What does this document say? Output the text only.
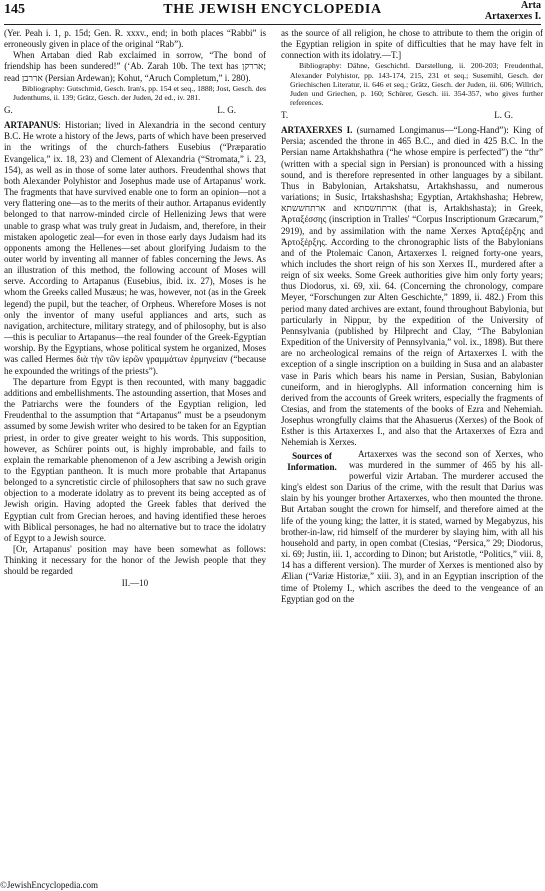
145	THE JEWISH ENCYCLOPEDIA	Arta
Artaxerxes I.

(Yer. Peah i. 1, p. 15d; Gen. R. xxxv., end; in both places “Rabbi” is erroneously given in place of the original “Rab”).

When Artaban died Rab exclaimed in sorrow, “The bond of friendship has been sundered!” (‘Ab. Zarah 10b. The text has אררקן; read אררבן (Persian Ardewan); Kohut, “Aruch Completum,” i. 280).

Bibliography: Gutschmid, Gesch. Iran's, pp. 154 et seq., 1888; Jost, Gesch. des Judenthums, ii. 139; Grätz, Gesch. der Juden, 2d ed., iv. 281.

G.	L. G.

ARTAPANUS: Historian; lived in Alexandria in the second century B.C. He wrote a history of the Jews, parts of which have been preserved in the writings of the church-fathers Eusebius (“Præparatio Evangelica,” ix. 18, 23) and Clement of Alexandria (“Stromata,” i. 23, 154), as well as in those of some later authors. Freudenthal shows that both Alexander Polyhistor and Josephus made use of Artapanus' work. The fragments that have survived enable one to form an opinion—not a very flattering one—as to the merits of their author. Artapanus evidently belonged to that narrow-minded circle of Hellenizing Jews that were unable to grasp what was truly great in Judaism, and, therefore, in their mistaken apologetic zeal—for even in those early days Judaism had its opponents among the Hellenes—set about glorifying Judaism to the outer world by inventing all manner of fables concerning the Jews. As an illustration of this method, the following account of Moses will serve. According to Artapanus (Eusebius, ibid. ix. 27), Moses is he whom the Greeks called Musæus; he was, however, not (as in the Greek legend) the pupil, but the teacher, of Orpheus. Wherefore Moses is not only the inventor of many useful appliances and arts, such as navigation, architecture, military strategy, and of philosophy, but is also—this is peculiar to Artapanus—the real founder of the Greek-Egyptian worship. By the Egyptians, whose political system he organized, Moses was called Hermes διὰ τὴν τῶν ἱερῶν γραμμάτων ἑρμηνείαν (“because he expounded the writings of the priests”).

The departure from Egypt is then recounted, with many baggadic additions and embellishments. The astounding assertion, that Moses and the Patriarchs were the founders of the Egyptian religion, led Freudenthal to the assumption that “Artapanus” must be a pseudonym assumed by some Jewish writer who desired to be taken for an Egyptian priest, in order to give greater weight to his words. This supposition, however, as Schürer points out, is highly improbable, and fails to explain the remarkable phenomenon of a Jew ascribing a Jewish origin to the Egyptian pantheon. It is much more probable that Artapanus belonged to a syncretistic circle of philosophers that saw no such grave objection to a moderate idolatry as to prevent its being accepted as of Jewish origin. Having adopted the Greek fables that derived the Egyptian cult from Grecian heroes, and having identified these heroes with Biblical personages, he had no alternative but to trace the idolatry of Egypt to a Jewish source.

[Or, Artapanus' position may have been somewhat as follows: Thinking it necessary for the honor of the Jewish people that they should be regarded

II.—10

as the source of all religion, he chose to attribute to them the origin of the Egyptian religion in spite of difficulties that he may have felt in connection with its idolatry.—T.]

Bibliography: Dähne, Geschichtl. Darstellung, ii. 200-203; Freudenthal, Alexander Polyhistor, pp. 143-174, 215, 231 et seq.; Susemihl, Gesch. der Griechischen Literatur, ii. 646 et seq.; Grätz, Gesch. der Juden, iii. 606; Willrich, Juden und Griechen, p. 160; Schürer, Gesch. iii. 354-357, who gives further references.

T.	L. G.

ARTAXERXES I. (surnamed Longimanus—“Long-Hand”): King of Persia; ascended the throne in 465 B.C., and died in 425 B.C. In the Persian name Artakhshathra (“he whose empire is perfected”) the “thr” (written with a special sign in Persian) is pronounced with a hissing sound, and is therefore represented in other languages by a sibilant. Thus in Babylonian, Artakshatsu, Artakhshassu, and numerous variations; in Susic, Irtakshashsha; Egyptian, Artakhshasha; Hebrew, ארתחששתא and ארתחשסתא (that is, Artakhshasta); in Greek, Ἀρταξέσσης (inscription in Tralles' “Corpus Inscriptionum Græcarum,” 2919), and by assimilation with the name Xerxes Ἀρταξέρξης and Ἀρτοξέρξης. According to the chronographic lists of the Babylonians and of the Ptolemaic Canon, Artaxerxes I. reigned forty-one years, which includes the short reign of his son Xerxes II., murdered after a reign of six weeks. Some Greek authorities give him only forty years; thus Diodorus, xi. 69, xii. 64. (Concerning the chronology, compare Meyer, “Forschungen zur Alten Geschichte,” 1899, ii. 482.) From this period many dated archives are extant, found throughout Babylonia, but particularly in Nippur, by the expedition of the University of Pennsylvania (published by Hilprecht and Clay, “The Babylonian Expedition of the University of Pennsylvania,” vol. ix., 1898). But there are no archeological remains of the reign of Artaxerxes I. with the exception of a single inscription on a building in Susa and an alabaster vase in Paris which bears his name in Persian, Susian, Babylonian cuneiform, and in hieroglyphs. All information concerning him is derived from the accounts of Greek writers, especially the fragments of Ctesias, and from the statements of the books of Ezra and Nehemiah. Josephus wrongfully claims that the Ahasuerus (Xerxes) of the Book of Esther is this Artaxerxes I., and also that the Artaxerxes of Ezra and Nehemiah is Xerxes.

Sources of Information.

Artaxerxes was the second son of Xerxes, who was murdered in the summer of 465 by his all-powerful vizir Artaban. The murderer accused the king's eldest son Darius of the crime, with the result that Darius was slain by his younger brother Artaxerxes, who then mounted the throne. But Artaban sought the crown for himself, and therefore aimed at the life of the young king; the latter, it is stated, warned by Megabyzus, his brother-in-law, rid himself of the murderer by slaying him, with all his household and party, in open combat (Ctesias, “Persica,” 29; Diodorus, xi. 69; Justin, iii. 1, according to Dinon; but Aristotle, “Politics,” viii. 8, 14 has a different version). The murder of Xerxes is mentioned also by Ælian (“Variæ Historiæ,” xiii. 3), and in an Egyptian inscription of the time of Ptolemy I., which ascribes the deed to the vengeance of an Egyptian god on the

©JewishEncyclopedia.com
